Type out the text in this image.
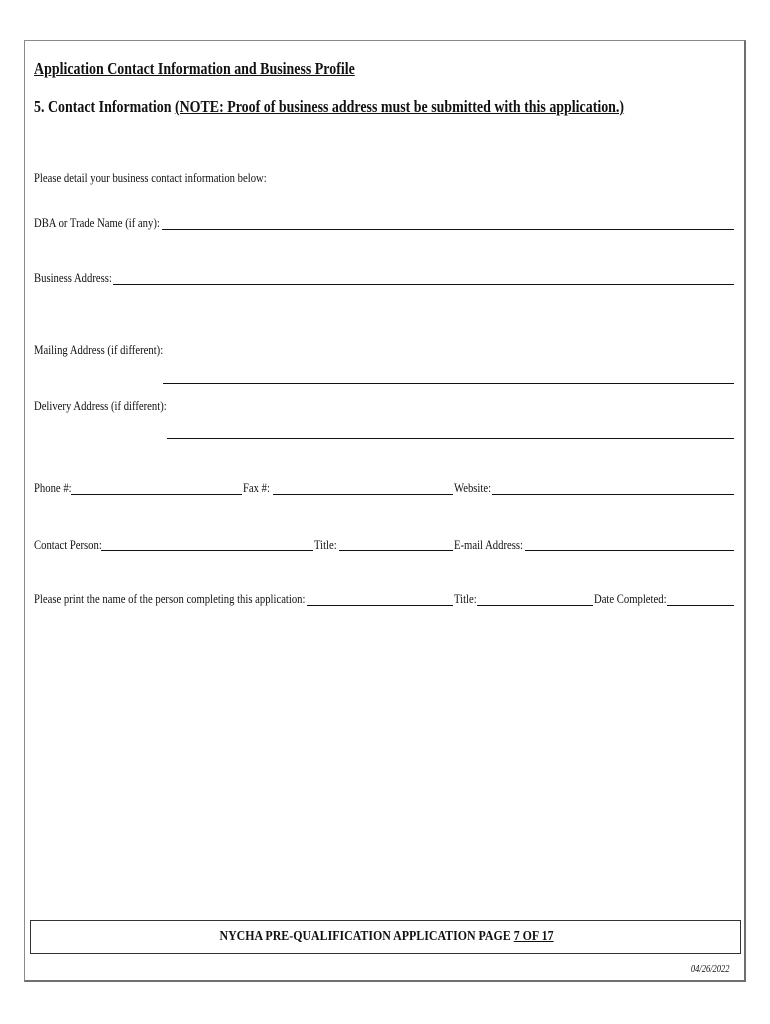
Application Contact Information and Business Profile
5. Contact Information (NOTE: Proof of business address must be submitted with this application.)
Please detail your business contact information below:
DBA or Trade Name (if any):
Business Address:
Mailing Address (if different):
Delivery Address (if different):
Phone #:	Fax #:	Website:
Contact Person:	Title:	E-mail Address:
Please print the name of the person completing this application:	Title:	Date Completed:
NYCHA PRE-QUALIFICATION APPLICATION PAGE 7 OF 17
04/26/2022
